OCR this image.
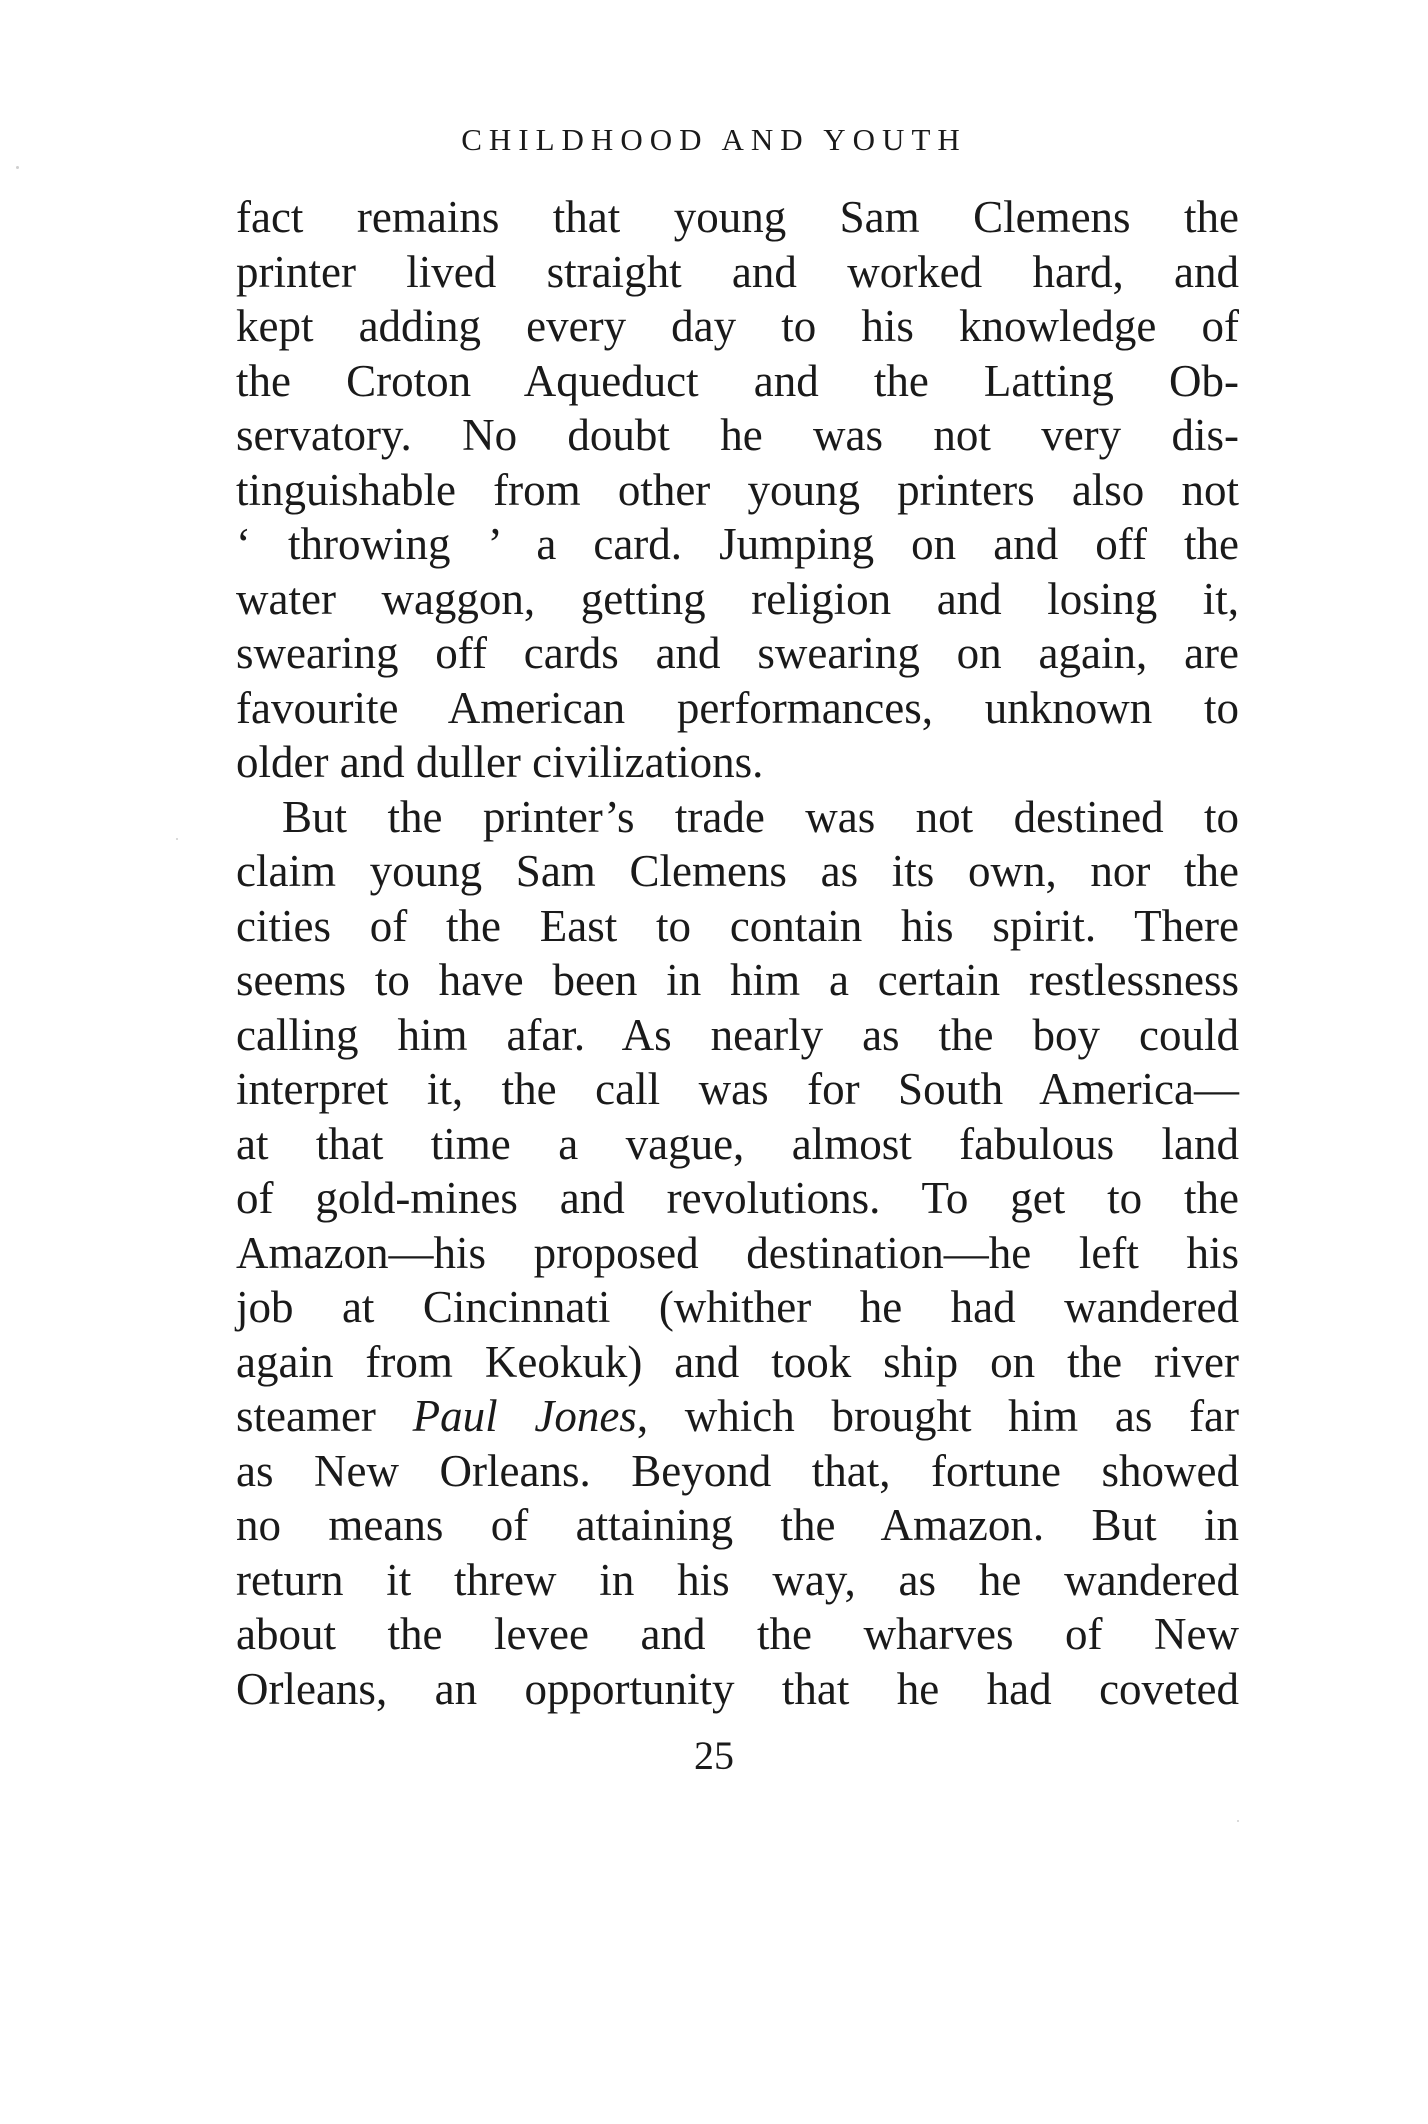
CHILDHOOD AND YOUTH
fact remains that young Sam Clemens the
printer lived straight and worked hard, and
kept adding every day to his knowledge of
the Croton Aqueduct and the Latting Ob-
servatory. No doubt he was not very dis-
tinguishable from other young printers also not
‘ throwing ’ a card. Jumping on and off the
water waggon, getting religion and losing it,
swearing off cards and swearing on again, are
favourite American performances, unknown to
older and duller civilizations.
But the printer’s trade was not destined to
claim young Sam Clemens as its own, nor the
cities of the East to contain his spirit. There
seems to have been in him a certain restlessness
calling him afar. As nearly as the boy could
interpret it, the call was for South America—
at that time a vague, almost fabulous land
of gold-mines and revolutions. To get to the
Amazon—his proposed destination—he left his
job at Cincinnati (whither he had wandered
again from Keokuk) and took ship on the river
steamer Paul Jones, which brought him as far
as New Orleans. Beyond that, fortune showed
no means of attaining the Amazon. But in
return it threw in his way, as he wandered
about the levee and the wharves of New
Orleans, an opportunity that he had coveted
25
